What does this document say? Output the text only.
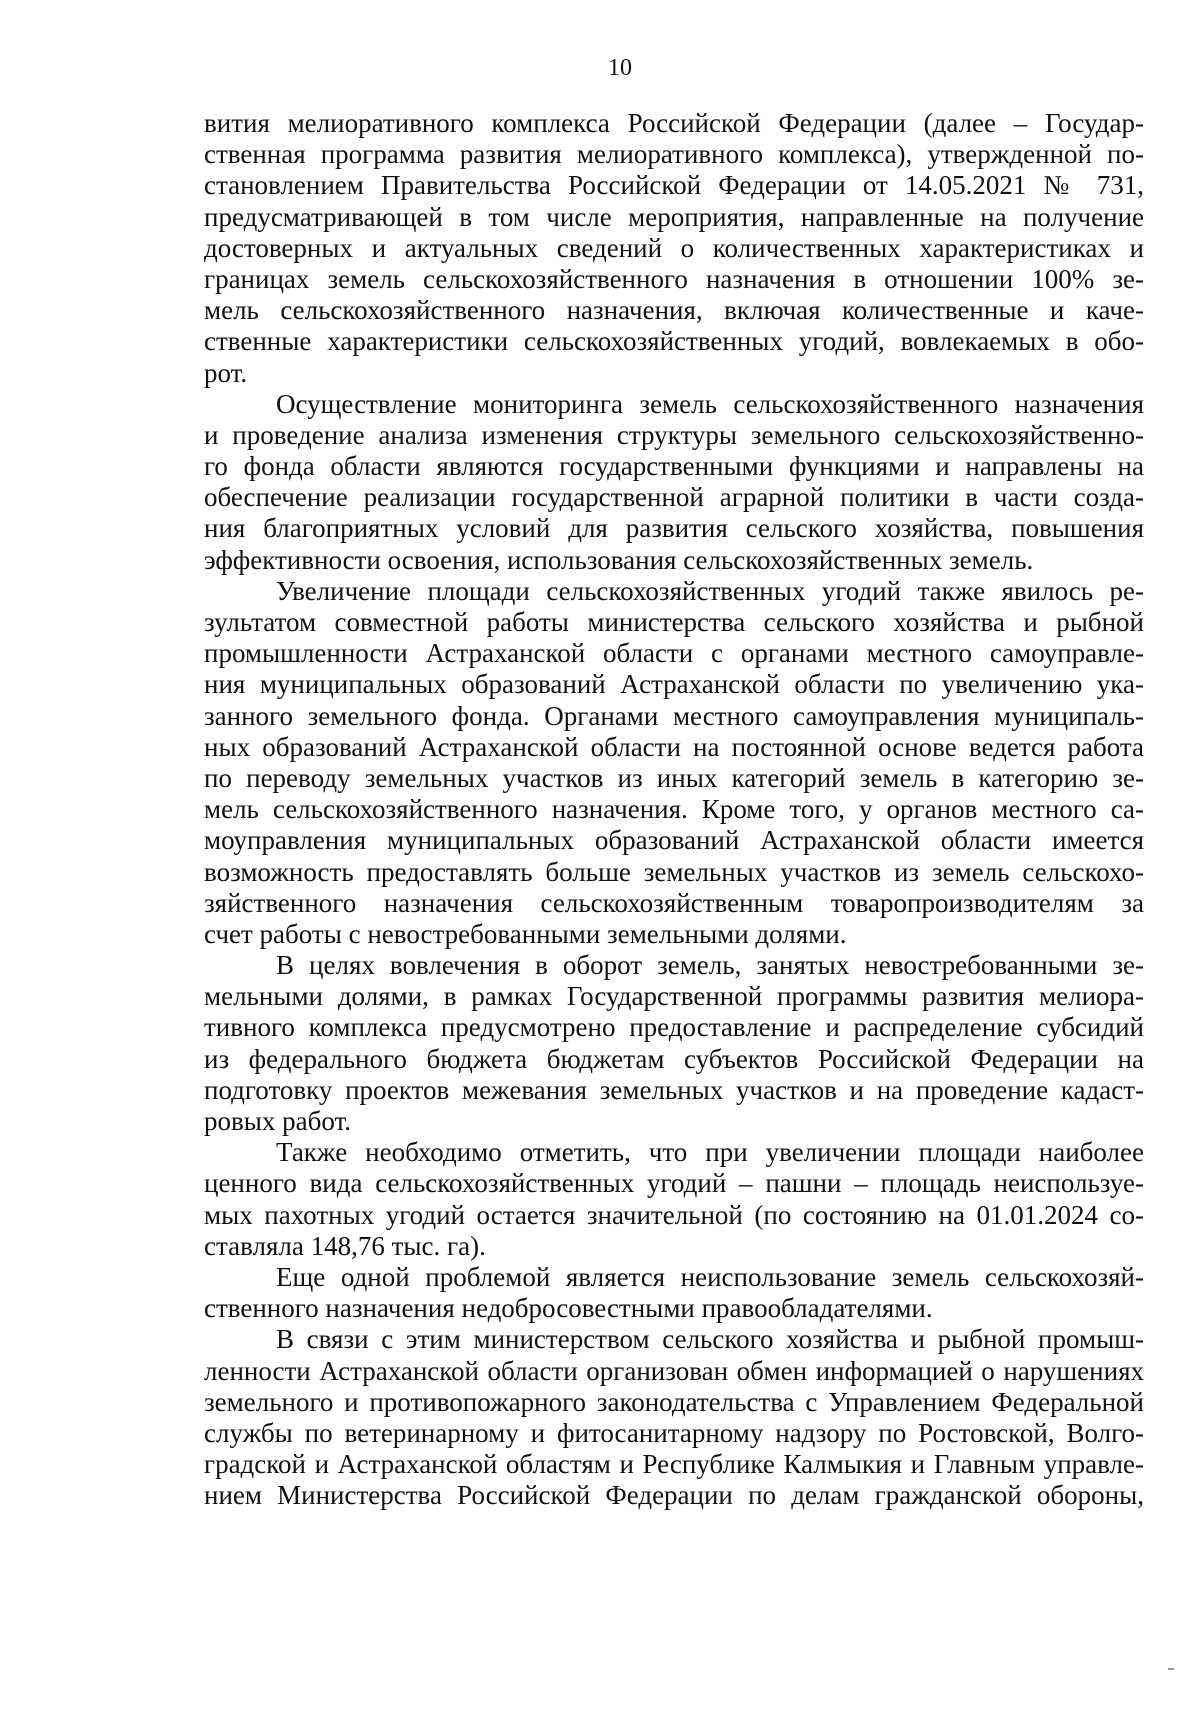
10
вития мелиоративного комплекса Российской Федерации (далее – Государ-
ственная программа развития мелиоративного комплекса), утвержденной по-
становлением Правительства Российской Федерации от 14.05.2021 № 731,
предусматривающей в том числе мероприятия, направленные на получение
достоверных и актуальных сведений о количественных характеристиках и
границах земель сельскохозяйственного назначения в отношении 100% зе-
мель сельскохозяйственного назначения, включая количественные и каче-
ственные характеристики сельскохозяйственных угодий, вовлекаемых в обо-
рот.
Осуществление мониторинга земель сельскохозяйственного назначения
и проведение анализа изменения структуры земельного сельскохозяйственно-
го фонда области являются государственными функциями и направлены на
обеспечение реализации государственной аграрной политики в части созда-
ния благоприятных условий для развития сельского хозяйства, повышения
эффективности освоения, использования сельскохозяйственных земель.
Увеличение площади сельскохозяйственных угодий также явилось ре-
зультатом совместной работы министерства сельского хозяйства и рыбной
промышленности Астраханской области с органами местного самоуправле-
ния муниципальных образований Астраханской области по увеличению ука-
занного земельного фонда. Органами местного самоуправления муниципаль-
ных образований Астраханской области на постоянной основе ведется работа
по переводу земельных участков из иных категорий земель в категорию зе-
мель сельскохозяйственного назначения. Кроме того, у органов местного са-
моуправления муниципальных образований Астраханской области имеется
возможность предоставлять больше земельных участков из земель сельскохо-
зяйственного назначения сельскохозяйственным товаропроизводителям за
счет работы с невостребованными земельными долями.
В целях вовлечения в оборот земель, занятых невостребованными зе-
мельными долями, в рамках Государственной программы развития мелиора-
тивного комплекса предусмотрено предоставление и распределение субсидий
из федерального бюджета бюджетам субъектов Российской Федерации на
подготовку проектов межевания земельных участков и на проведение кадаст-
ровых работ.
Также необходимо отметить, что при увеличении площади наиболее
ценного вида сельскохозяйственных угодий – пашни – площадь неиспользуе-
мых пахотных угодий остается значительной (по состоянию на 01.01.2024 со-
ставляла 148,76 тыс. га).
Еще одной проблемой является неиспользование земель сельскохозяй-
ственного назначения недобросовестными правообладателями.
В связи с этим министерством сельского хозяйства и рыбной промыш-
ленности Астраханской области организован обмен информацией о нарушениях
земельного и противопожарного законодательства с Управлением Федеральной
службы по ветеринарному и фитосанитарному надзору по Ростовской, Волго-
градской и Астраханской областям и Республике Калмыкия и Главным управле-
нием Министерства Российской Федерации по делам гражданской обороны,
